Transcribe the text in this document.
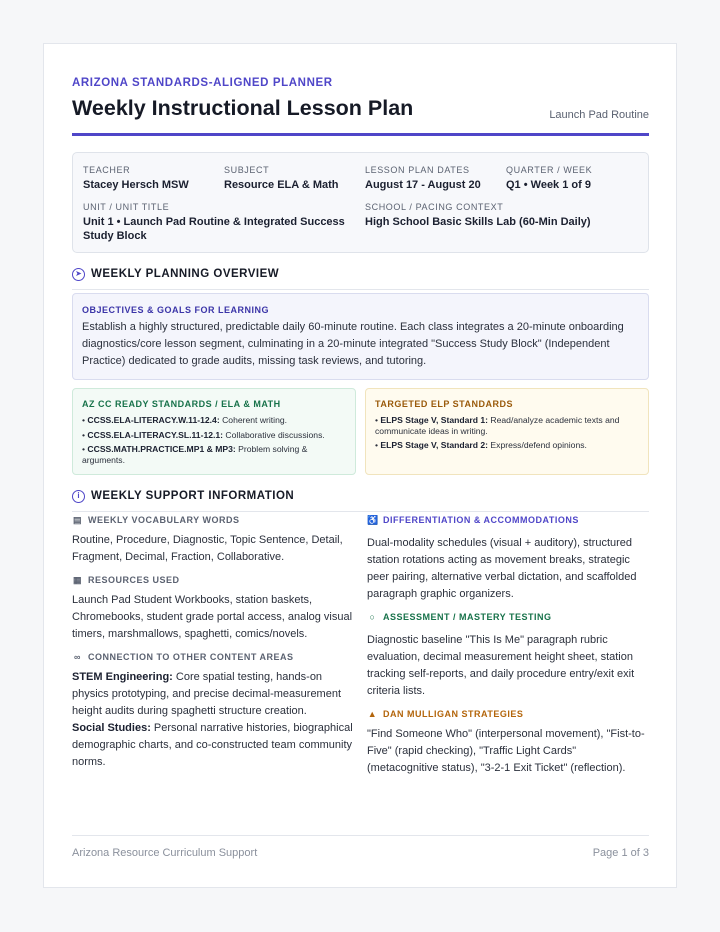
ARIZONA STANDARDS-ALIGNED PLANNER
Weekly Instructional Lesson Plan	Launch Pad Routine
TEACHER
Stacey Hersch MSW
SUBJECT
Resource ELA & Math
LESSON PLAN DATES
August 17 - August 20
QUARTER / WEEK
Q1 • Week 1 of 9
UNIT / UNIT TITLE
Unit 1 • Launch Pad Routine & Integrated Success Study Block
SCHOOL / PACING CONTEXT
High School Basic Skills Lab (60-Min Daily)
➤ WEEKLY PLANNING OVERVIEW
OBJECTIVES & GOALS FOR LEARNING
Establish a highly structured, predictable daily 60-minute routine. Each class integrates a 20-minute onboarding diagnostics/core lesson segment, culminating in a 20-minute integrated "Success Study Block" (Independent Practice) dedicated to grade audits, missing task reviews, and tutoring.
AZ CC READY STANDARDS / ELA & MATH
• CCSS.ELA-LITERACY.W.11-12.4: Coherent writing.
• CCSS.ELA-LITERACY.SL.11-12.1: Collaborative discussions.
• CCSS.MATH.PRACTICE.MP1 & MP3: Problem solving & arguments.
TARGETED ELP STANDARDS
• ELPS Stage V, Standard 1: Read/analyze academic texts and communicate ideas in writing.
• ELPS Stage V, Standard 2: Express/defend opinions.
i WEEKLY SUPPORT INFORMATION
▤ WEEKLY VOCABULARY WORDS
Routine, Procedure, Diagnostic, Topic Sentence, Detail, Fragment, Decimal, Fraction, Collaborative.
▦ RESOURCES USED
Launch Pad Student Workbooks, station baskets, Chromebooks, student grade portal access, analog visual timers, marshmallows, spaghetti, comics/novels.
∞ CONNECTION TO OTHER CONTENT AREAS
STEM Engineering: Core spatial testing, hands-on physics prototyping, and precise decimal-measurement height audits during spaghetti structure creation.
Social Studies: Personal narrative histories, biographical demographic charts, and co-constructed team community norms.
♿ DIFFERENTIATION & ACCOMMODATIONS
Dual-modality schedules (visual + auditory), structured station rotations acting as movement breaks, strategic peer pairing, alternative verbal dictation, and scaffolded paragraph graphic organizers.
○ ASSESSMENT / MASTERY TESTING
Diagnostic baseline "This Is Me" paragraph rubric evaluation, decimal measurement height sheet, station tracking self-reports, and daily procedure entry/exit exit criteria lists.
▲ DAN MULLIGAN STRATEGIES
"Find Someone Who" (interpersonal movement), "Fist-to-Five" (rapid checking), "Traffic Light Cards" (metacognitive status), "3-2-1 Exit Ticket" (reflection).
Arizona Resource Curriculum Support	Page 1 of 3
